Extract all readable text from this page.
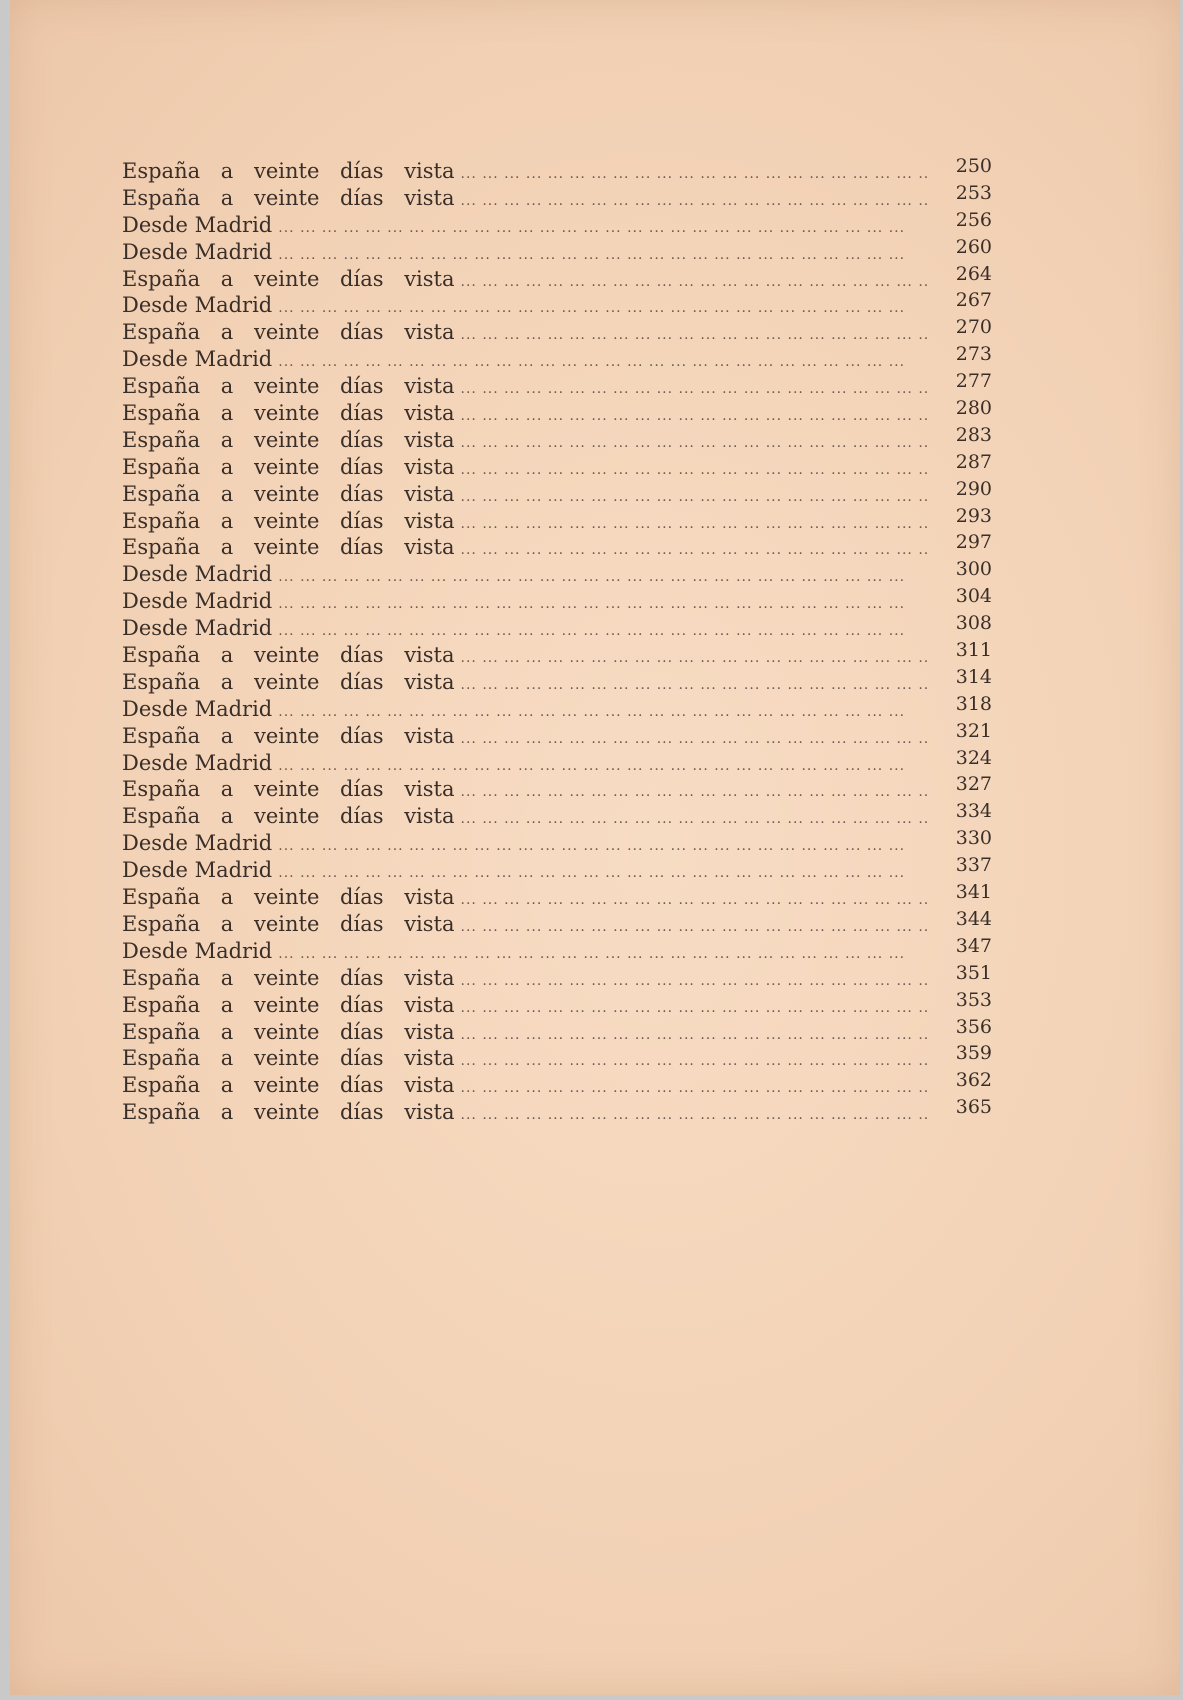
España a veinte días vista ... .	250
España a veinte días vista ... .	253
Desde Madrid ... .	256
Desde Madrid ... .	260
España a veinte días vista ... .	264
Desde Madrid ... .	267
España a veinte días vista ... .	270
Desde Madrid ... .	273
España a veinte días vista ... .	277
España a veinte días vista ... .	280
España a veinte días vista ... .	283
España a veinte días vista ... .	287
España a veinte días vista ... .	290
España a veinte días vista ... .	293
España a veinte días vista ... .	297
Desde Madrid ... .	300
Desde Madrid ... .	304
Desde Madrid ... .	308
España a veinte días vista ... .	311
España a veinte días vista ... .	314
Desde Madrid ... .	318
España a veinte días vista ... .	321
Desde Madrid ... .	324
España a veinte días vista ... .	327
España a veinte días vista ... .	334
Desde Madrid ... .	330
Desde Madrid ... .	337
España a veinte días vista ... .	341
España a veinte días vista ... .	344
Desde Madrid ... .	347
España a veinte días vista ... .	351
España a veinte días vista ... .	353
España a veinte días vista ... .	356
España a veinte días vista ... .	359
España a veinte días vista ... .	362
España a veinte días vista ... .	365
